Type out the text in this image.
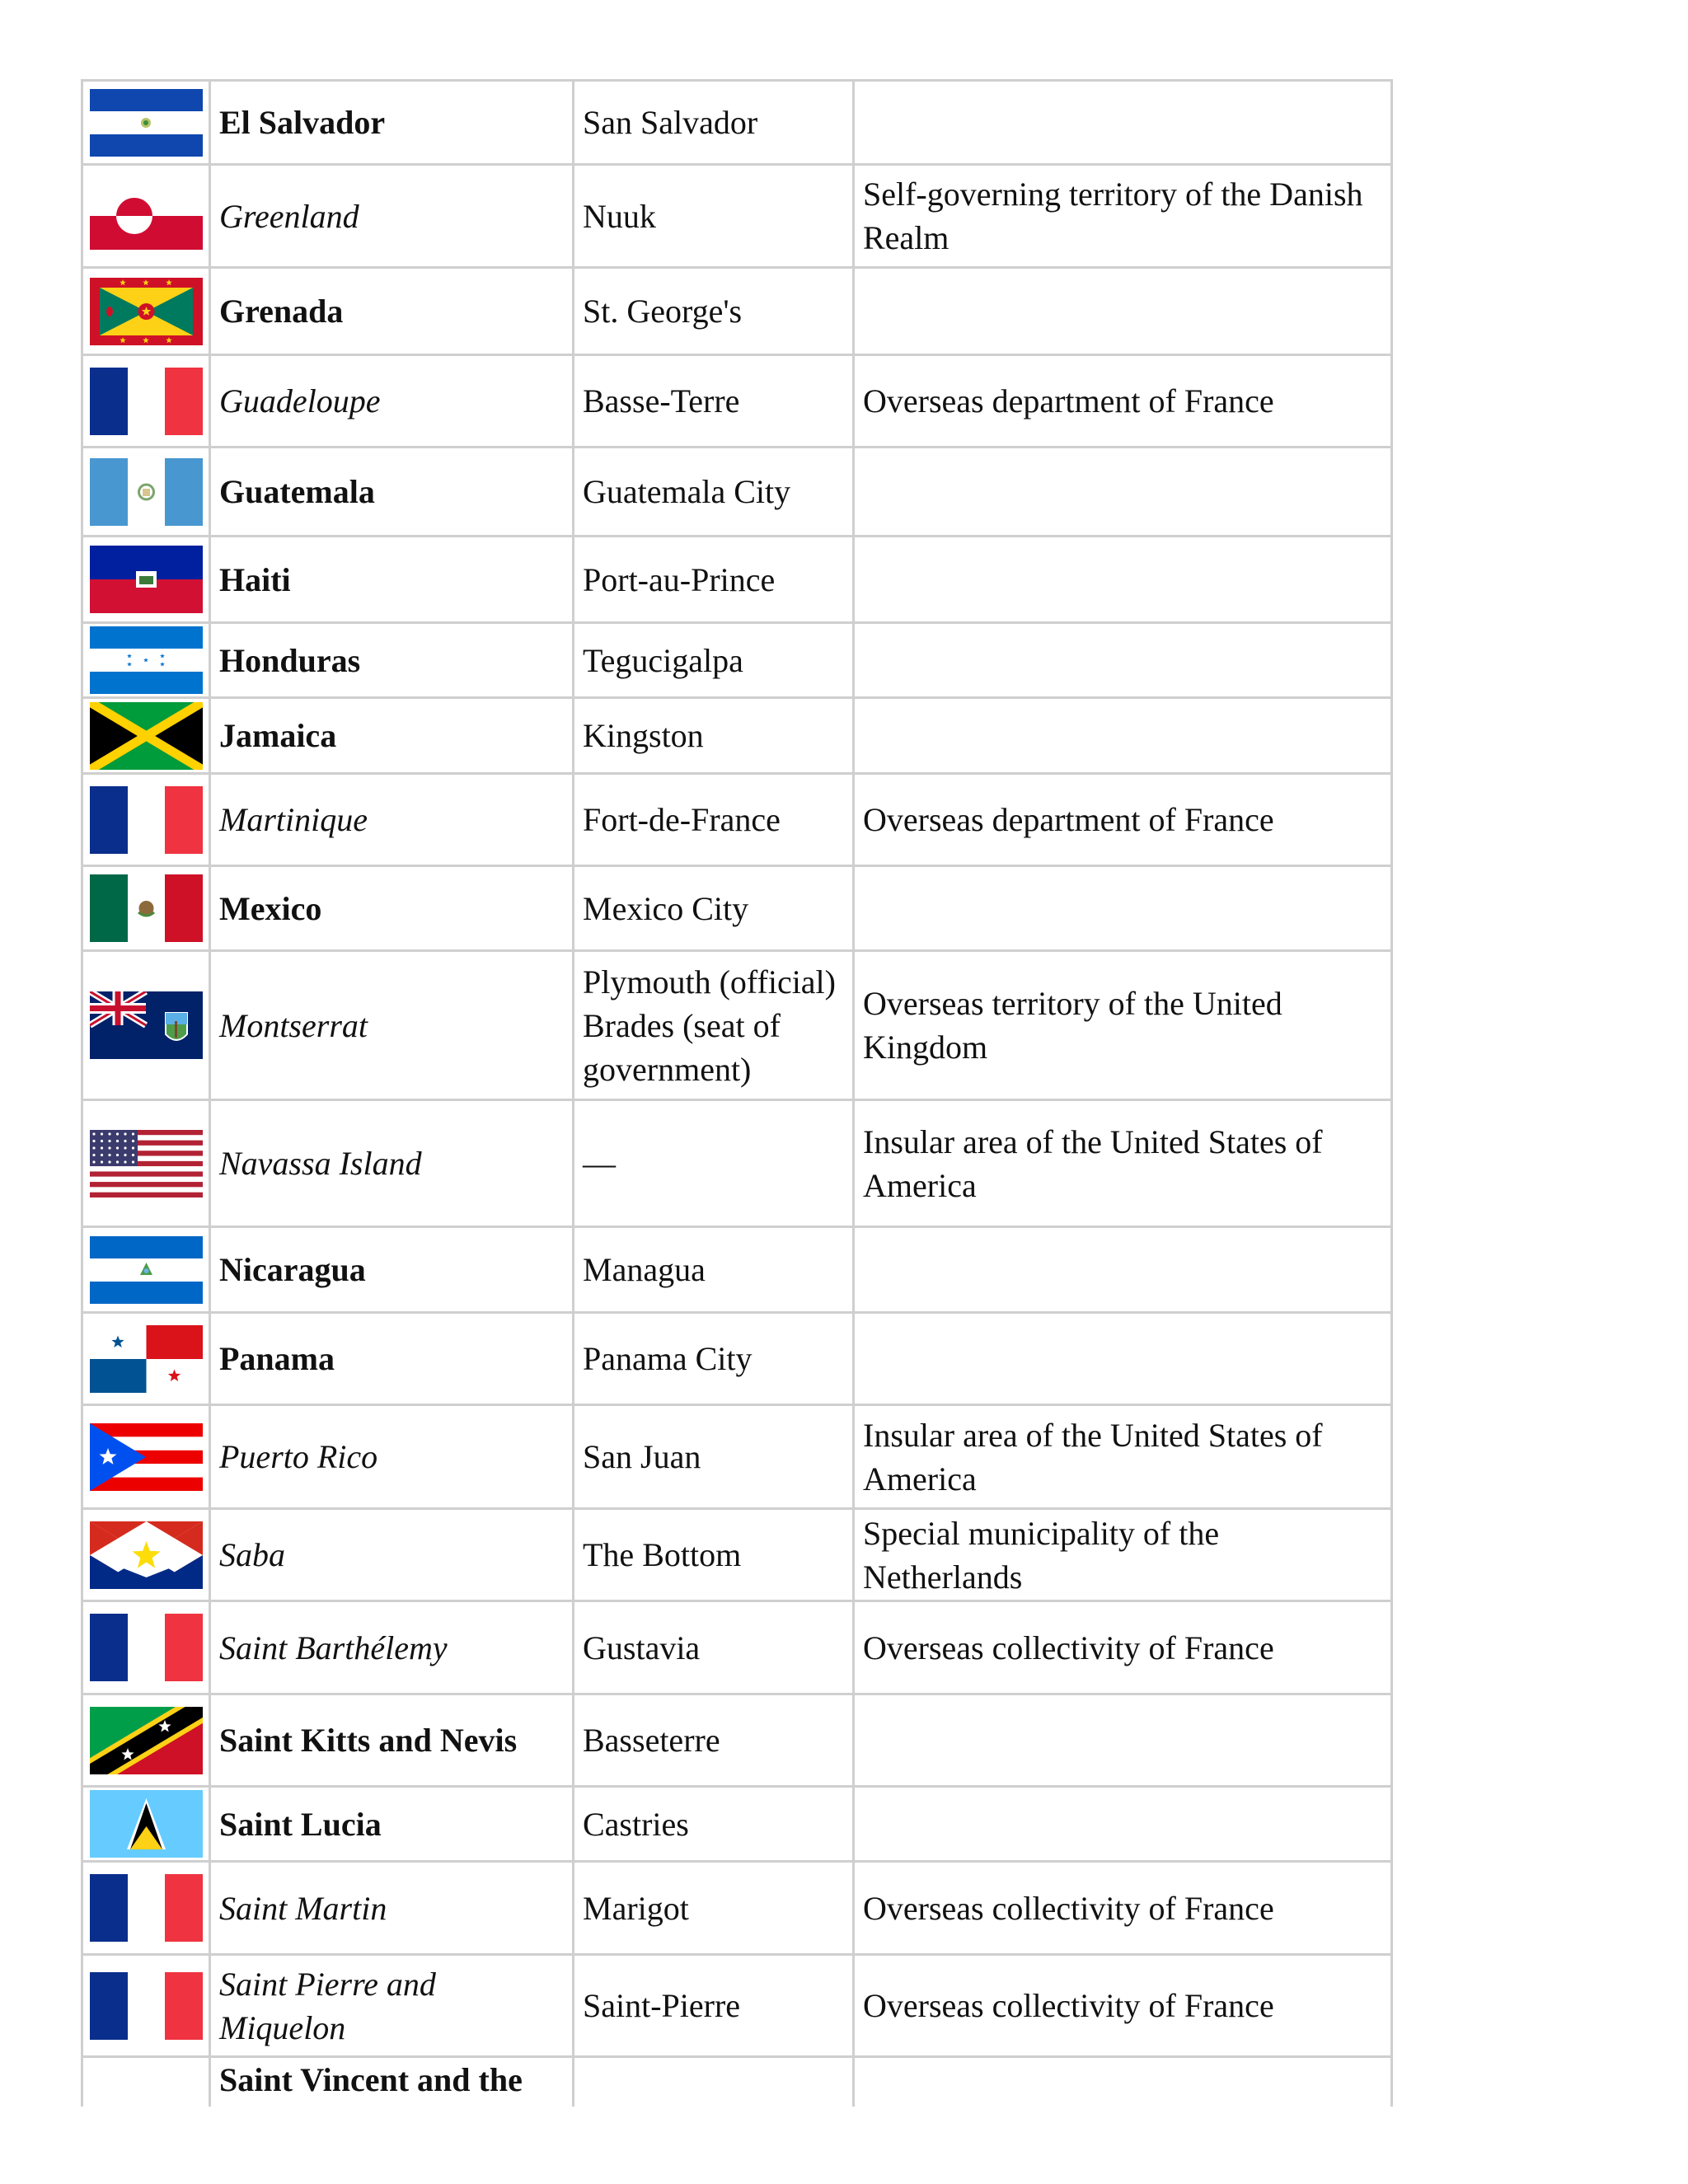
	El Salvador	San Salvador	

	Greenland	Nuuk	Self-governing territory of the Danish Realm

	Grenada	St. George's	

	Guadeloupe	Basse-Terre	Overseas department of France

	Guatemala	Guatemala City	

	Haiti	Port-au-Prince	

	Honduras	Tegucigalpa	

	Jamaica	Kingston	

	Martinique	Fort-de-France	Overseas department of France

	Mexico	Mexico City	

	Montserrat	Plymouth (official) Brades (seat of government)	Overseas territory of the United Kingdom

	Navassa Island	—	Insular area of the United States of America

	Nicaragua	Managua	

	Panama	Panama City	

	Puerto Rico	San Juan	Insular area of the United States of America

	Saba	The Bottom	Special municipality of the Netherlands

	Saint Barthélemy	Gustavia	Overseas collectivity of France

	Saint Kitts and Nevis	Basseterre	

	Saint Lucia	Castries	

	Saint Martin	Marigot	Overseas collectivity of France

	Saint Pierre and Miquelon	Saint-Pierre	Overseas collectivity of France
	Saint Vincent and the		
